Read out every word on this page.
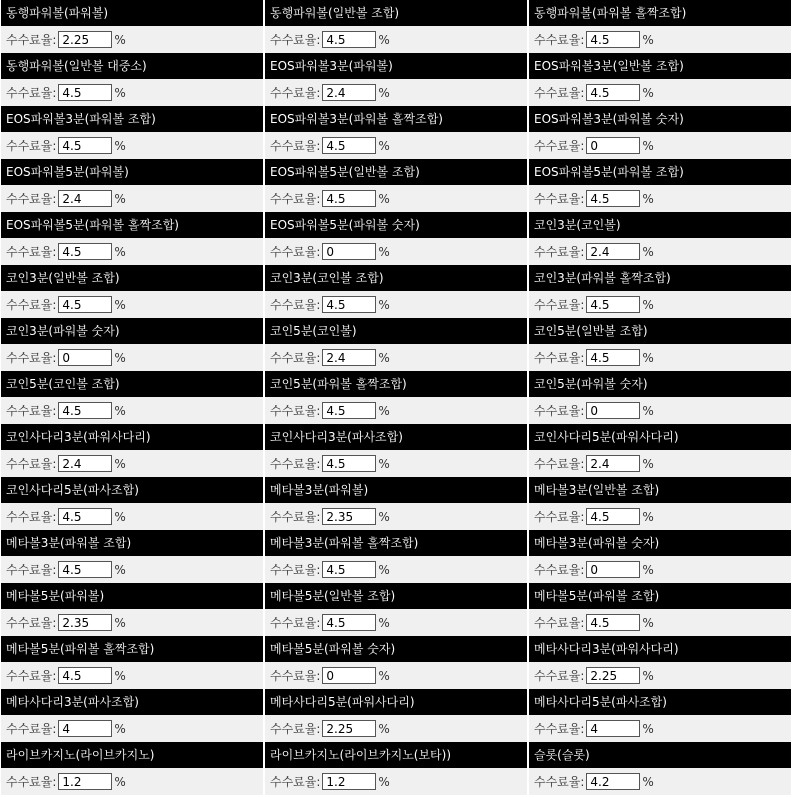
동행파워볼(파워볼)
수수료율:
2.25	%
동행파워볼(일반볼 조합)
수수료율:
4.5	%
동행파워볼(파워볼 홀짝조합)
수수료율:
4.5	%
동행파워볼(일반볼 대중소)
수수료율:
4.5	%
EOS파워볼3분(파워볼)
수수료율:
2.4	%
EOS파워볼3분(일반볼 조합)
수수료율:
4.5	%
EOS파워볼3분(파워볼 조합)
수수료율:
4.5	%
EOS파워볼3분(파워볼 홀짝조합)
수수료율:
4.5	%
EOS파워볼3분(파워볼 숫자)
수수료율:
0	%
EOS파워볼5분(파워볼)
수수료율:
2.4	%
EOS파워볼5분(일반볼 조합)
수수료율:
4.5	%
EOS파워볼5분(파워볼 조합)
수수료율:
4.5	%
EOS파워볼5분(파워볼 홀짝조합)
수수료율:
4.5	%
EOS파워볼5분(파워볼 숫자)
수수료율:
0	%
코인3분(코인볼)
수수료율:
2.4	%
코인3분(일반볼 조합)
수수료율:
4.5	%
코인3분(코인볼 조합)
수수료율:
4.5	%
코인3분(파워볼 홀짝조합)
수수료율:
4.5	%
코인3분(파워볼 숫자)
수수료율:
0	%
코인5분(코인볼)
수수료율:
2.4	%
코인5분(일반볼 조합)
수수료율:
4.5	%
코인5분(코인볼 조합)
수수료율:
4.5	%
코인5분(파워볼 홀짝조합)
수수료율:
4.5	%
코인5분(파워볼 숫자)
수수료율:
0	%
코인사다리3분(파워사다리)
수수료율:
2.4	%
코인사다리3분(파사조합)
수수료율:
4.5	%
코인사다리5분(파워사다리)
수수료율:
2.4	%
코인사다리5분(파사조합)
수수료율:
4.5	%
메타볼3분(파워볼)
수수료율:
2.35	%
메타볼3분(일반볼 조합)
수수료율:
4.5	%
메타볼3분(파워볼 조합)
수수료율:
4.5	%
메타볼3분(파워볼 홀짝조합)
수수료율:
4.5	%
메타볼3분(파워볼 숫자)
수수료율:
0	%
메타볼5분(파워볼)
수수료율:
2.35	%
메타볼5분(일반볼 조합)
수수료율:
4.5	%
메타볼5분(파워볼 조합)
수수료율:
4.5	%
메타볼5분(파워볼 홀짝조합)
수수료율:
4.5	%
메타볼5분(파워볼 숫자)
수수료율:
0	%
메타사다리3분(파워사다리)
수수료율:
2.25	%
메타사다리3분(파사조합)
수수료율:
4	%
메타사다리5분(파워사다리)
수수료율:
2.25	%
메타사다리5분(파사조합)
수수료율:
4	%
라이브카지노(라이브카지노)
수수료율:
1.2	%
라이브카지노(라이브카지노(보타))
수수료율:
1.2	%
슬롯(슬롯)
수수료율:
4.2	%
